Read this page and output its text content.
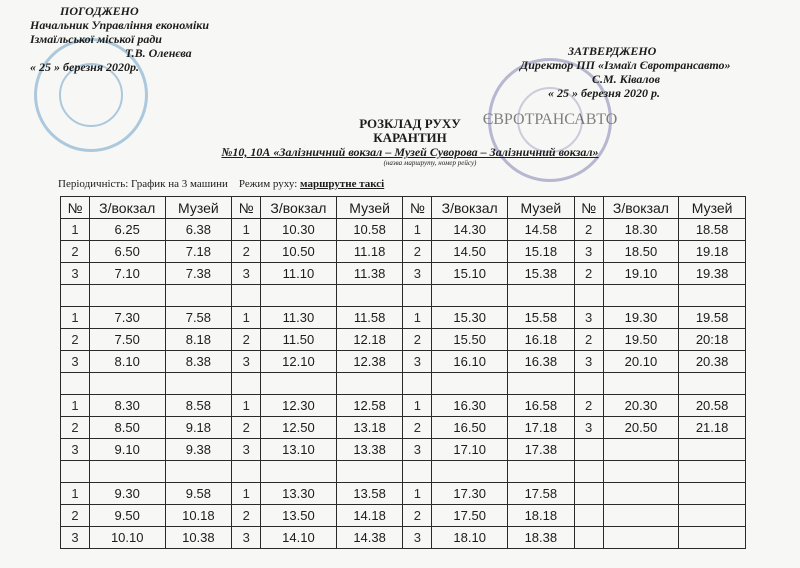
ЄВРОТРАНСАВТО
ПОГОДЖЕНО
Начальник Управління економіки
Ізмаїльської міської ради
Т.В. Оленєва
« 25 » березня 2020р.
ЗАТВЕРДЖЕНО
Директор ПП «Ізмаїл Євротрансавто»
С.М. Ківалов
« 25 » березня 2020 р.
РОЗКЛАД РУХУ
КАРАНТИН
№10, 10А «Залізничний вокзал – Музей Суворова – Залізничний вокзал»
(назва маршруту, номер рейсу)
Періодичність: График на 3 машини Режим руху: маршрутне таксі
№	З/вокзал	Музей	№	З/вокзал	Музей	№	З/вокзал	Музей	№	З/вокзал	Музей
1	6.25	6.38	1	10.30	10.58	1	14.30	14.58	2	18.30	18.58
2	6.50	7.18	2	10.50	11.18	2	14.50	15.18	3	18.50	19.18
3	7.10	7.38	3	11.10	11.38	3	15.10	15.38	2	19.10	19.38

1	7.30	7.58	1	11.30	11.58	1	15.30	15.58	3	19.30	19.58
2	7.50	8.18	2	11.50	12.18	2	15.50	16.18	2	19.50	20:18
3	8.10	8.38	3	12.10	12.38	3	16.10	16.38	3	20.10	20.38

1	8.30	8.58	1	12.30	12.58	1	16.30	16.58	2	20.30	20.58
2	8.50	9.18	2	12.50	13.18	2	16.50	17.18	3	20.50	21.18
3	9.10	9.38	3	13.10	13.38	3	17.10	17.38			

1	9.30	9.58	1	13.30	13.58	1	17.30	17.58			
2	9.50	10.18	2	13.50	14.18	2	17.50	18.18			
3	10.10	10.38	3	14.10	14.38	3	18.10	18.38			
